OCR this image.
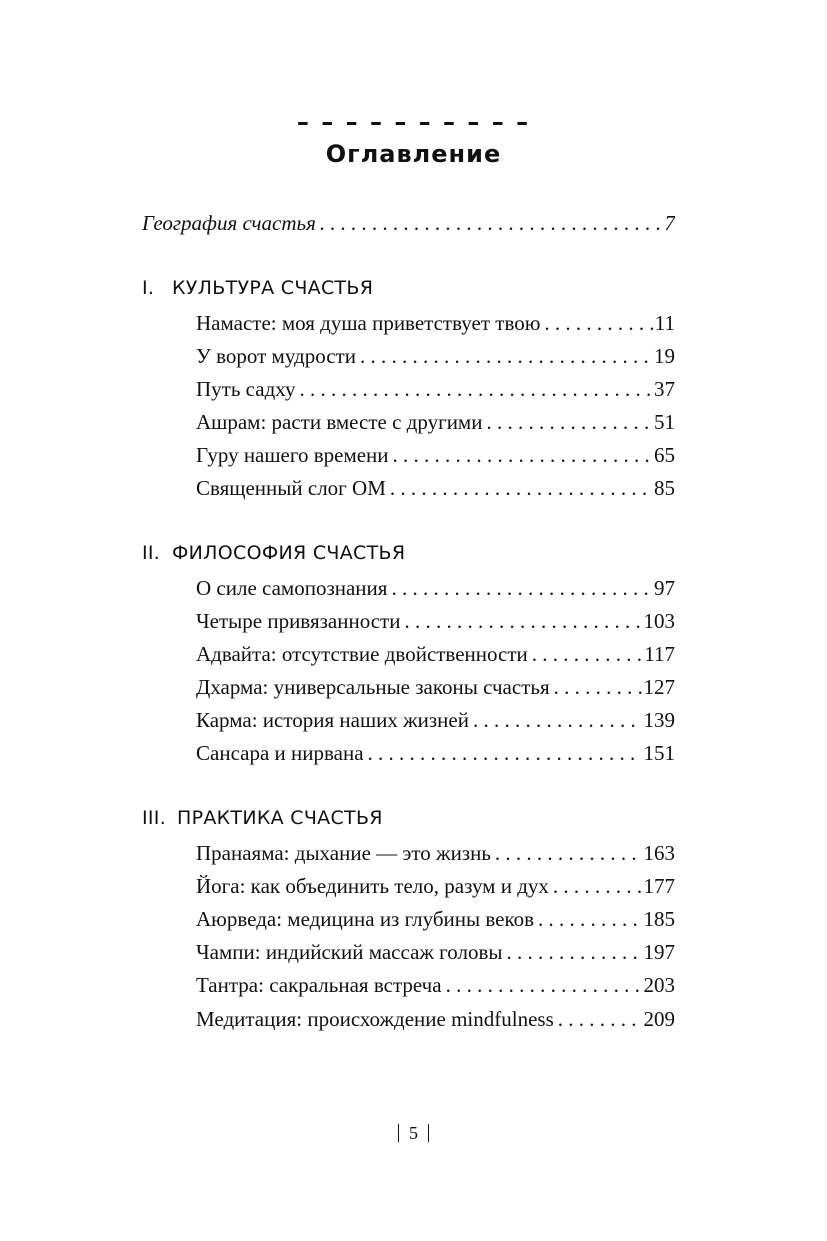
– – – – – – – – – –
Оглавление
География счастья . . .	7
I. КУЛЬТУРА СЧАСТЬЯ
Намасте: моя душа приветствует твою . . .	11
У ворот мудрости . . .	19
Путь садху . . .	37
Ашрам: расти вместе с другими . . .	51
Гуру нашего времени . . .	65
Священный слог ОМ . . .	85
II. ФИЛОСОФИЯ СЧАСТЬЯ
О силе самопознания . . .	97
Четыре привязанности . . .	103
Адвайта: отсутствие двойственности . . .	117
Дхарма: универсальные законы счастья . . .	127
Карма: история наших жизней . . .	139
Сансара и нирвана . . .	151
III. ПРАКТИКА СЧАСТЬЯ
Пранаяма: дыхание — это жизнь . . .	163
Йога: как объединить тело, разум и дух . . .	177
Аюрведа: медицина из глубины веков . . .	185
Чампи: индийский массаж головы . . .	197
Тантра: сакральная встреча . . .	203
Медитация: происхождение mindfulness . . .	209
5
